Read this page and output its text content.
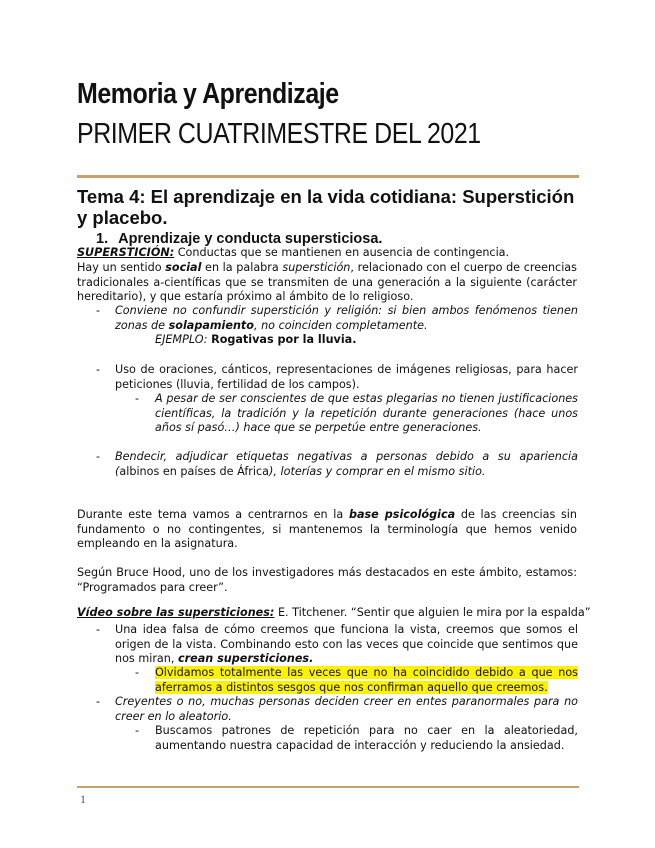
Memoria y Aprendizaje
PRIMER CUATRIMESTRE DEL 2021
Tema 4: El aprendizaje en la vida cotidiana: Superstición y placebo.
1. Aprendizaje y conducta supersticiosa.
SUPERSTICIÓN: Conductas que se mantienen en ausencia de contingencia.
Hay un sentido social en la palabra superstición, relacionado con el cuerpo de creencias tradicionales a-científicas que se transmiten de una generación a la siguiente (carácter hereditario), y que estaría próximo al ámbito de lo religioso.
- Conviene no confundir superstición y religión: si bien ambos fenómenos tienen zonas de solapamiento, no coinciden completamente.
EJEMPLO: Rogativas por la lluvia.
- Uso de oraciones, cánticos, representaciones de imágenes religiosas, para hacer peticiones (lluvia, fertilidad de los campos).
- A pesar de ser conscientes de que estas plegarias no tienen justificaciones científicas, la tradición y la repetición durante generaciones (hace unos años sí pasó…) hace que se perpetúe entre generaciones.
- Bendecir, adjudicar etiquetas negativas a personas debido a su apariencia (albinos en países de África), loterías y comprar en el mismo sitio.
Durante este tema vamos a centrarnos en la base psicológica de las creencias sin fundamento o no contingentes, si mantenemos la terminología que hemos venido empleando en la asignatura.
Según Bruce Hood, uno de los investigadores más destacados en este ámbito, estamos: “Programados para creer”.
Vídeo sobre las supersticiones: E. Titchener. “Sentir que alguien le mira por la espalda”
- Una idea falsa de cómo creemos que funciona la vista, creemos que somos el origen de la vista. Combinando esto con las veces que coincide que sentimos que nos miran, crean supersticiones.
- Olvidamos totalmente las veces que no ha coincidido debido a que nos aferramos a distintos sesgos que nos confirman aquello que creemos.
- Creyentes o no, muchas personas deciden creer en entes paranormales para no creer en lo aleatorio.
- Buscamos patrones de repetición para no caer en la aleatoriedad, aumentando nuestra capacidad de interacción y reduciendo la ansiedad.
1
